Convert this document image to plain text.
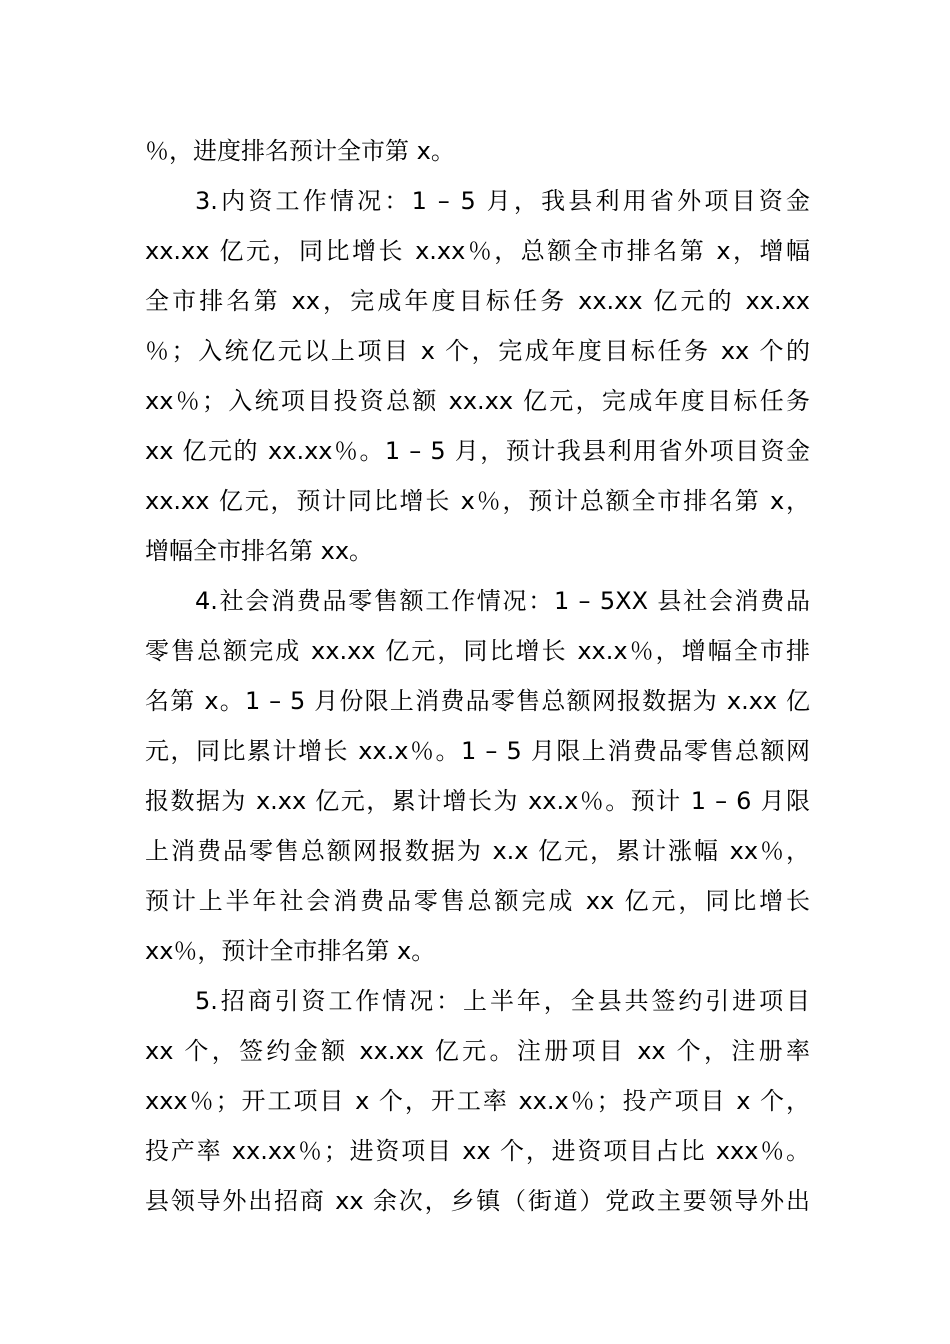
％，进度排名预计全市第 x。
3.内资工作情况：1 – 5 月，我县利用省外项目资金
xx.xx 亿元，同比增长 x.xx％，总额全市排名第 x，增幅
全市排名第 xx，完成年度目标任务 xx.xx 亿元的 xx.xx
％；入统亿元以上项目 x 个，完成年度目标任务 xx 个的
xx％；入统项目投资总额 xx.xx 亿元，完成年度目标任务
xx 亿元的 xx.xx％。1 – 5 月，预计我县利用省外项目资金
xx.xx 亿元，预计同比增长 x％，预计总额全市排名第 x，
增幅全市排名第 xx。
4.社会消费品零售额工作情况：1 – 5XX 县社会消费品
零售总额完成 xx.xx 亿元，同比增长 xx.x％，增幅全市排
名第 x。1 – 5 月份限上消费品零售总额网报数据为 x.xx 亿
元，同比累计增长 xx.x％。1 – 5 月限上消费品零售总额网
报数据为 x.xx 亿元，累计增长为 xx.x％。预计 1 – 6 月限
上消费品零售总额网报数据为 x.x 亿元，累计涨幅 xx％，
预计上半年社会消费品零售总额完成 xx 亿元，同比增长
xx％，预计全市排名第 x。
5.招商引资工作情况：上半年，全县共签约引进项目
xx 个，签约金额 xx.xx 亿元。注册项目 xx 个，注册率
xxx％；开工项目 x 个，开工率 xx.x％；投产项目 x 个，
投产率 xx.xx％；进资项目 xx 个，进资项目占比 xxx％。
县领导外出招商 xx 余次，乡镇（街道）党政主要领导外出
